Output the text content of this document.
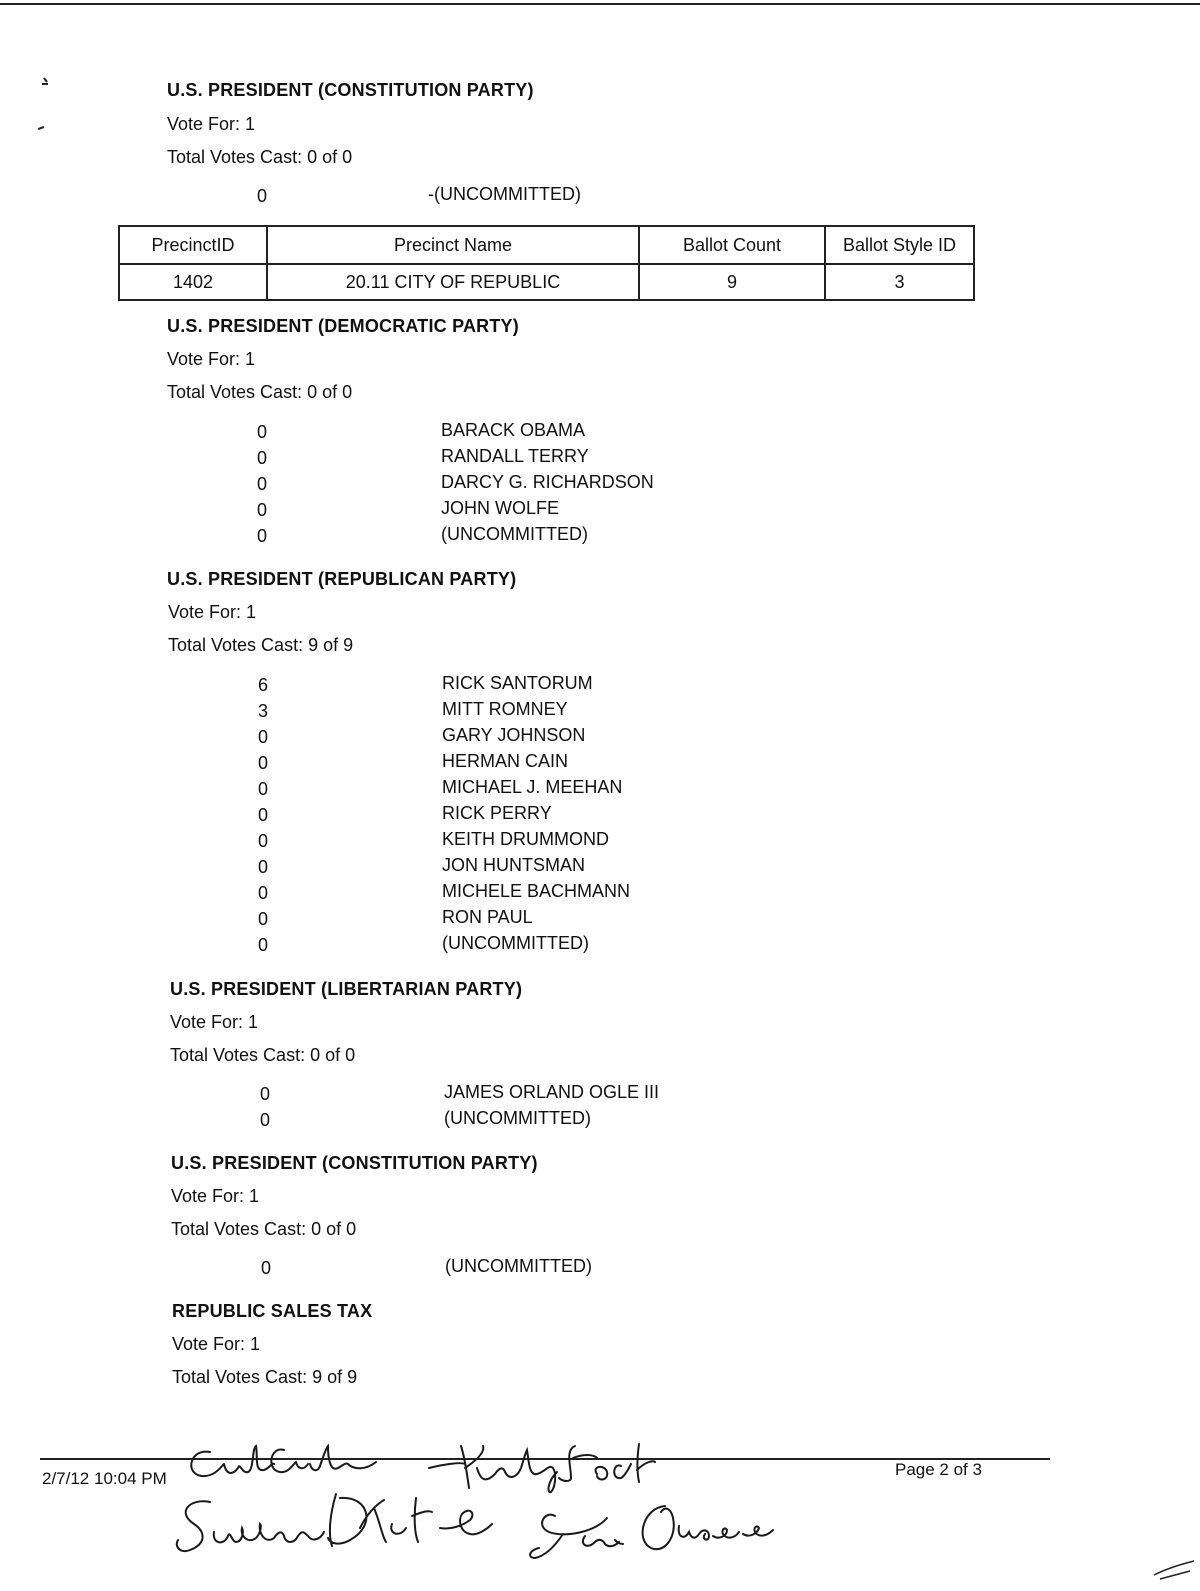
U.S. PRESIDENT (CONSTITUTION PARTY)
Vote For: 1
Total Votes Cast: 0 of 0
0	-(UNCOMMITTED)
PrecinctID	Precinct Name	Ballot Count	Ballot Style ID
1402	20.11 CITY OF REPUBLIC	9	3
U.S. PRESIDENT (DEMOCRATIC PARTY)
Vote For: 1
Total Votes Cast: 0 of 0
0	BARACK OBAMA
0	RANDALL TERRY
0	DARCY G. RICHARDSON
0	JOHN WOLFE
0	(UNCOMMITTED)
U.S. PRESIDENT (REPUBLICAN PARTY)
Vote For: 1
Total Votes Cast: 9 of 9
6	RICK SANTORUM
3	MITT ROMNEY
0	GARY JOHNSON
0	HERMAN CAIN
0	MICHAEL J. MEEHAN
0	RICK PERRY
0	KEITH DRUMMOND
0	JON HUNTSMAN
0	MICHELE BACHMANN
0	RON PAUL
0	(UNCOMMITTED)
U.S. PRESIDENT (LIBERTARIAN PARTY)
Vote For: 1
Total Votes Cast: 0 of 0
0	JAMES ORLAND OGLE III
0	(UNCOMMITTED)
U.S. PRESIDENT (CONSTITUTION PARTY)
Vote For: 1
Total Votes Cast: 0 of 0
0	(UNCOMMITTED)
REPUBLIC SALES TAX
Vote For: 1
Total Votes Cast: 9 of 9
2/7/12 10:04 PM	Page 2 of 3
